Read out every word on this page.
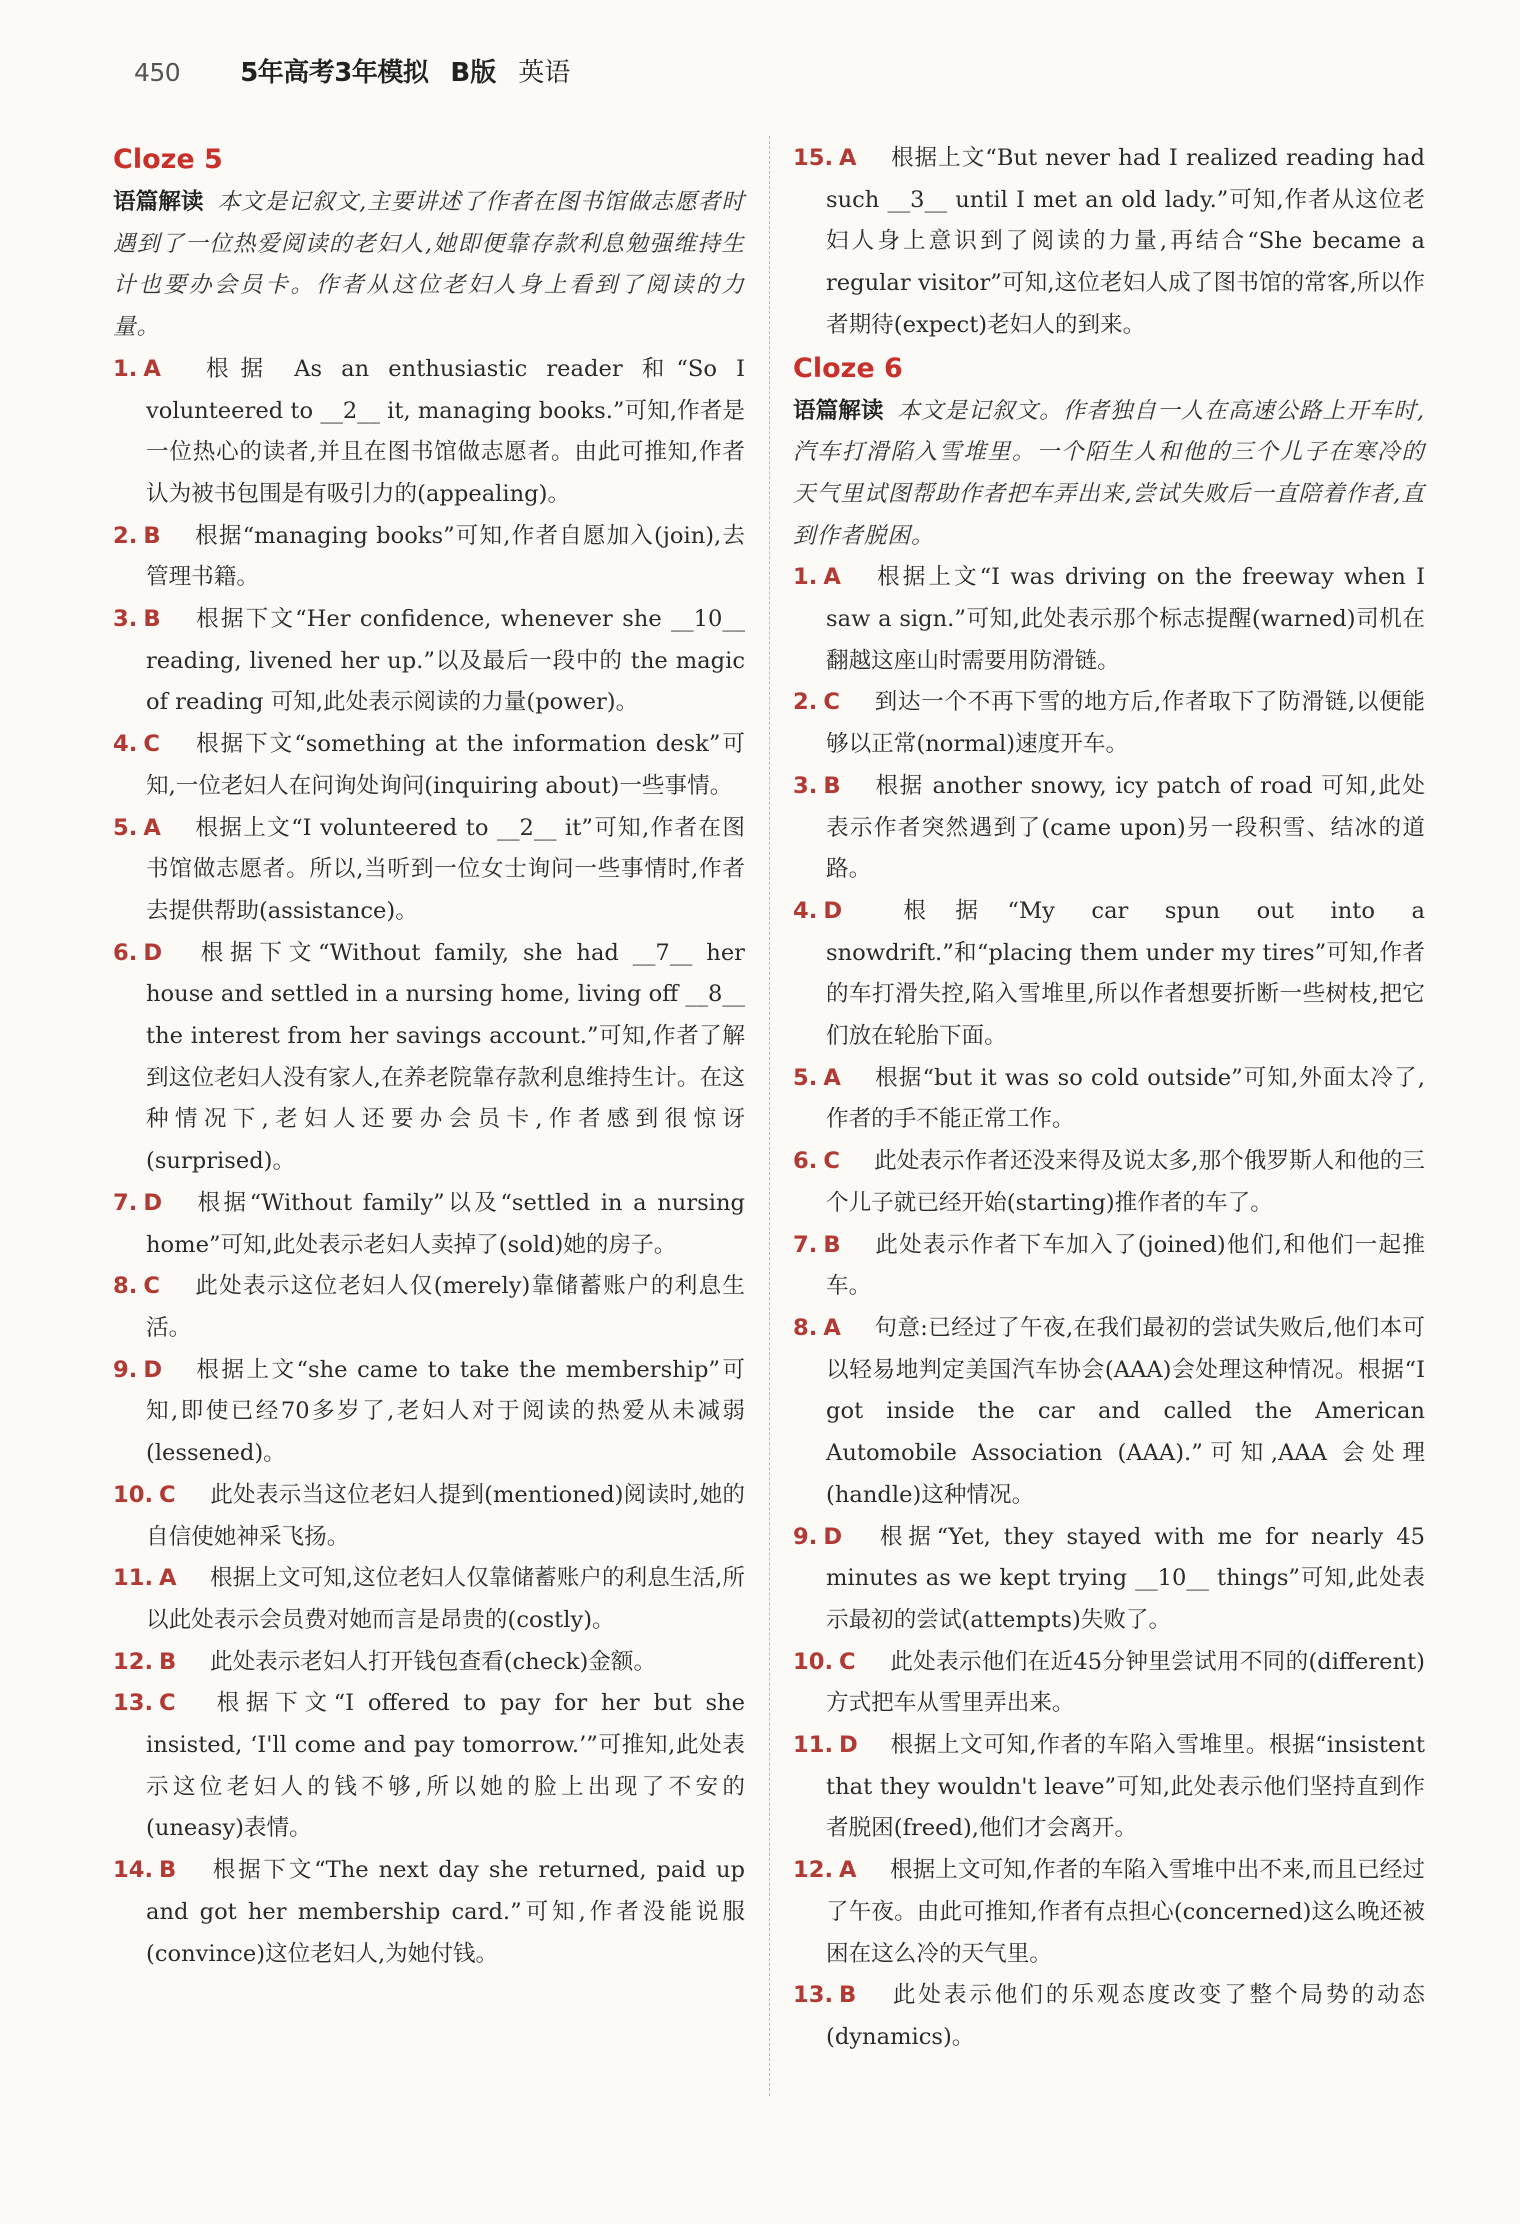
450 5年高考3年模拟 B版 英语

Cloze 5

语篇解读 本文是记叙文,主要讲述了作者在图书馆做志愿者时遇到了一位热爱阅读的老妇人,她即便靠存款利息勉强维持生计也要办会员卡。作者从这位老妇人身上看到了阅读的力量。

1. A 根据 As an enthusiastic reader 和“So I volunteered to __2__ it, managing books.”可知,作者是一位热心的读者,并且在图书馆做志愿者。由此可推知,作者认为被书包围是有吸引力的(appealing)。

2. B 根据“managing books”可知,作者自愿加入(join),去管理书籍。

3. B 根据下文“Her confidence, whenever she __10__ reading, livened her up.”以及最后一段中的 the magic of reading 可知,此处表示阅读的力量(power)。

4. C 根据下文“something at the information desk”可知,一位老妇人在问询处询问(inquiring about)一些事情。

5. A 根据上文“I volunteered to __2__ it”可知,作者在图书馆做志愿者。所以,当听到一位女士询问一些事情时,作者去提供帮助(assistance)。

6. D 根据下文“Without family, she had __7__ her house and settled in a nursing home, living off __8__ the interest from her savings account.”可知,作者了解到这位老妇人没有家人,在养老院靠存款利息维持生计。在这种情况下,老妇人还要办会员卡,作者感到很惊讶(surprised)。

7. D 根据“Without family”以及“settled in a nursing home”可知,此处表示老妇人卖掉了(sold)她的房子。

8. C 此处表示这位老妇人仅(merely)靠储蓄账户的利息生活。

9. D 根据上文“she came to take the membership”可知,即使已经70多岁了,老妇人对于阅读的热爱从未减弱(lessened)。

10. C 此处表示当这位老妇人提到(mentioned)阅读时,她的自信使她神采飞扬。

11. A 根据上文可知,这位老妇人仅靠储蓄账户的利息生活,所以此处表示会员费对她而言是昂贵的(costly)。

12. B 此处表示老妇人打开钱包查看(check)金额。

13. C 根据下文“I offered to pay for her but she insisted, ‘I'll come and pay tomorrow.’”可推知,此处表示这位老妇人的钱不够,所以她的脸上出现了不安的(uneasy)表情。

14. B 根据下文“The next day she returned, paid up and got her membership card.”可知,作者没能说服(convince)这位老妇人,为她付钱。

15. A 根据上文“But never had I realized reading had such __3__ until I met an old lady.”可知,作者从这位老妇人身上意识到了阅读的力量,再结合“She became a regular visitor”可知,这位老妇人成了图书馆的常客,所以作者期待(expect)老妇人的到来。

Cloze 6

语篇解读 本文是记叙文。作者独自一人在高速公路上开车时,汽车打滑陷入雪堆里。一个陌生人和他的三个儿子在寒冷的天气里试图帮助作者把车弄出来,尝试失败后一直陪着作者,直到作者脱困。

1. A 根据上文“I was driving on the freeway when I saw a sign.”可知,此处表示那个标志提醒(warned)司机在翻越这座山时需要用防滑链。

2. C 到达一个不再下雪的地方后,作者取下了防滑链,以便能够以正常(normal)速度开车。

3. B 根据 another snowy, icy patch of road 可知,此处表示作者突然遇到了(came upon)另一段积雪、结冰的道路。

4. D 根据“My car spun out into a snowdrift.”和“placing them under my tires”可知,作者的车打滑失控,陷入雪堆里,所以作者想要折断一些树枝,把它们放在轮胎下面。

5. A 根据“but it was so cold outside”可知,外面太冷了,作者的手不能正常工作。

6. C 此处表示作者还没来得及说太多,那个俄罗斯人和他的三个儿子就已经开始(starting)推作者的车了。

7. B 此处表示作者下车加入了(joined)他们,和他们一起推车。

8. A 句意:已经过了午夜,在我们最初的尝试失败后,他们本可以轻易地判定美国汽车协会(AAA)会处理这种情况。根据“I got inside the car and called the American Automobile Association (AAA).”可知,AAA 会处理(handle)这种情况。

9. D 根据“Yet, they stayed with me for nearly 45 minutes as we kept trying __10__ things”可知,此处表示最初的尝试(attempts)失败了。

10. C 此处表示他们在近45分钟里尝试用不同的(different)方式把车从雪里弄出来。

11. D 根据上文可知,作者的车陷入雪堆里。根据“insistent that they wouldn't leave”可知,此处表示他们坚持直到作者脱困(freed),他们才会离开。

12. A 根据上文可知,作者的车陷入雪堆中出不来,而且已经过了午夜。由此可推知,作者有点担心(concerned)这么晚还被困在这么冷的天气里。

13. B 此处表示他们的乐观态度改变了整个局势的动态(dynamics)。
